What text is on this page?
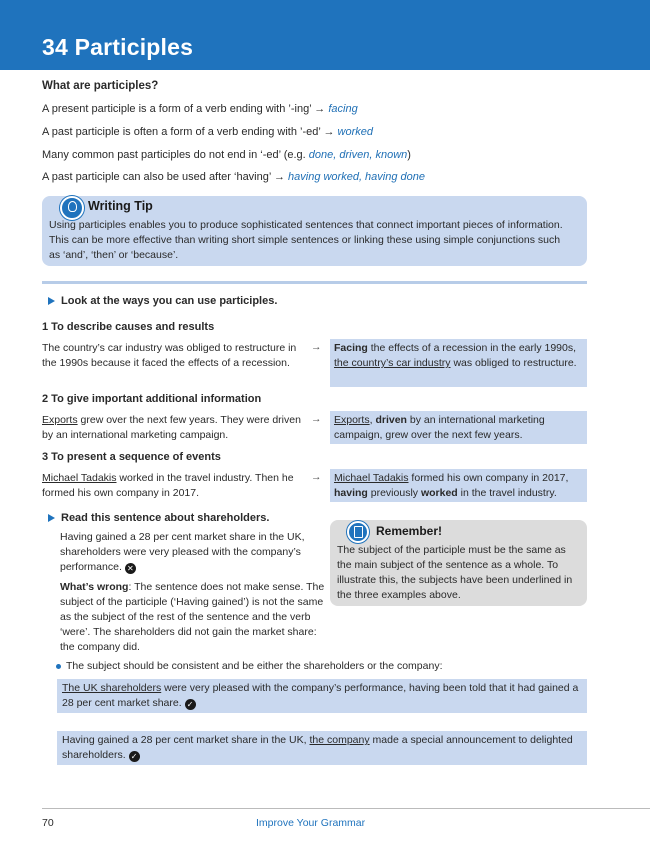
34 Participles
What are participles?
A present participle is a form of a verb ending with ’-ing’ → facing
A past participle is often a form of a verb ending with ’-ed’ → worked
Many common past participles do not end in ‘-ed’ (e.g. done, driven, known)
A past participle can also be used after ‘having’ → having worked, having done
Writing Tip
Using participles enables you to produce sophisticated sentences that connect important pieces of information. This can be more effective than writing short simple sentences or linking these using simple conjunctions such as ‘and’, ‘then’ or ‘because’.
Look at the ways you can use participles.
1 To describe causes and results
The country’s car industry was obliged to restructure in the 1990s because it faced the effects of a recession.
→	Facing the effects of a recession in the early 1990s, the country’s car industry was obliged to restructure.
2 To give important additional information
Exports grew over the next few years. They were driven by an international marketing campaign.
→	Exports, driven by an international marketing campaign, grew over the next few years.
3 To present a sequence of events
Michael Tadakis worked in the travel industry. Then he formed his own company in 2017.
→	Michael Tadakis formed his own company in 2017, having previously worked in the travel industry.
Read this sentence about shareholders.
Having gained a 28 per cent market share in the UK, shareholders were very pleased with the company’s performance. ✕
What’s wrong: The sentence does not make sense. The subject of the participle (‘Having gained’) is not the same as the subject of the rest of the sentence and the verb ‘were’. The shareholders did not gain the market share: the company did.
Remember!
The subject of the participle must be the same as the main subject of the sentence as a whole. To illustrate this, the subjects have been underlined in the three examples above.
The subject should be consistent and be either the shareholders or the company:
The UK shareholders were very pleased with the company’s performance, having been told that it had gained a 28 per cent market share. ✓
Having gained a 28 per cent market share in the UK, the company made a special announcement to delighted shareholders. ✓
70	Improve Your Grammar
